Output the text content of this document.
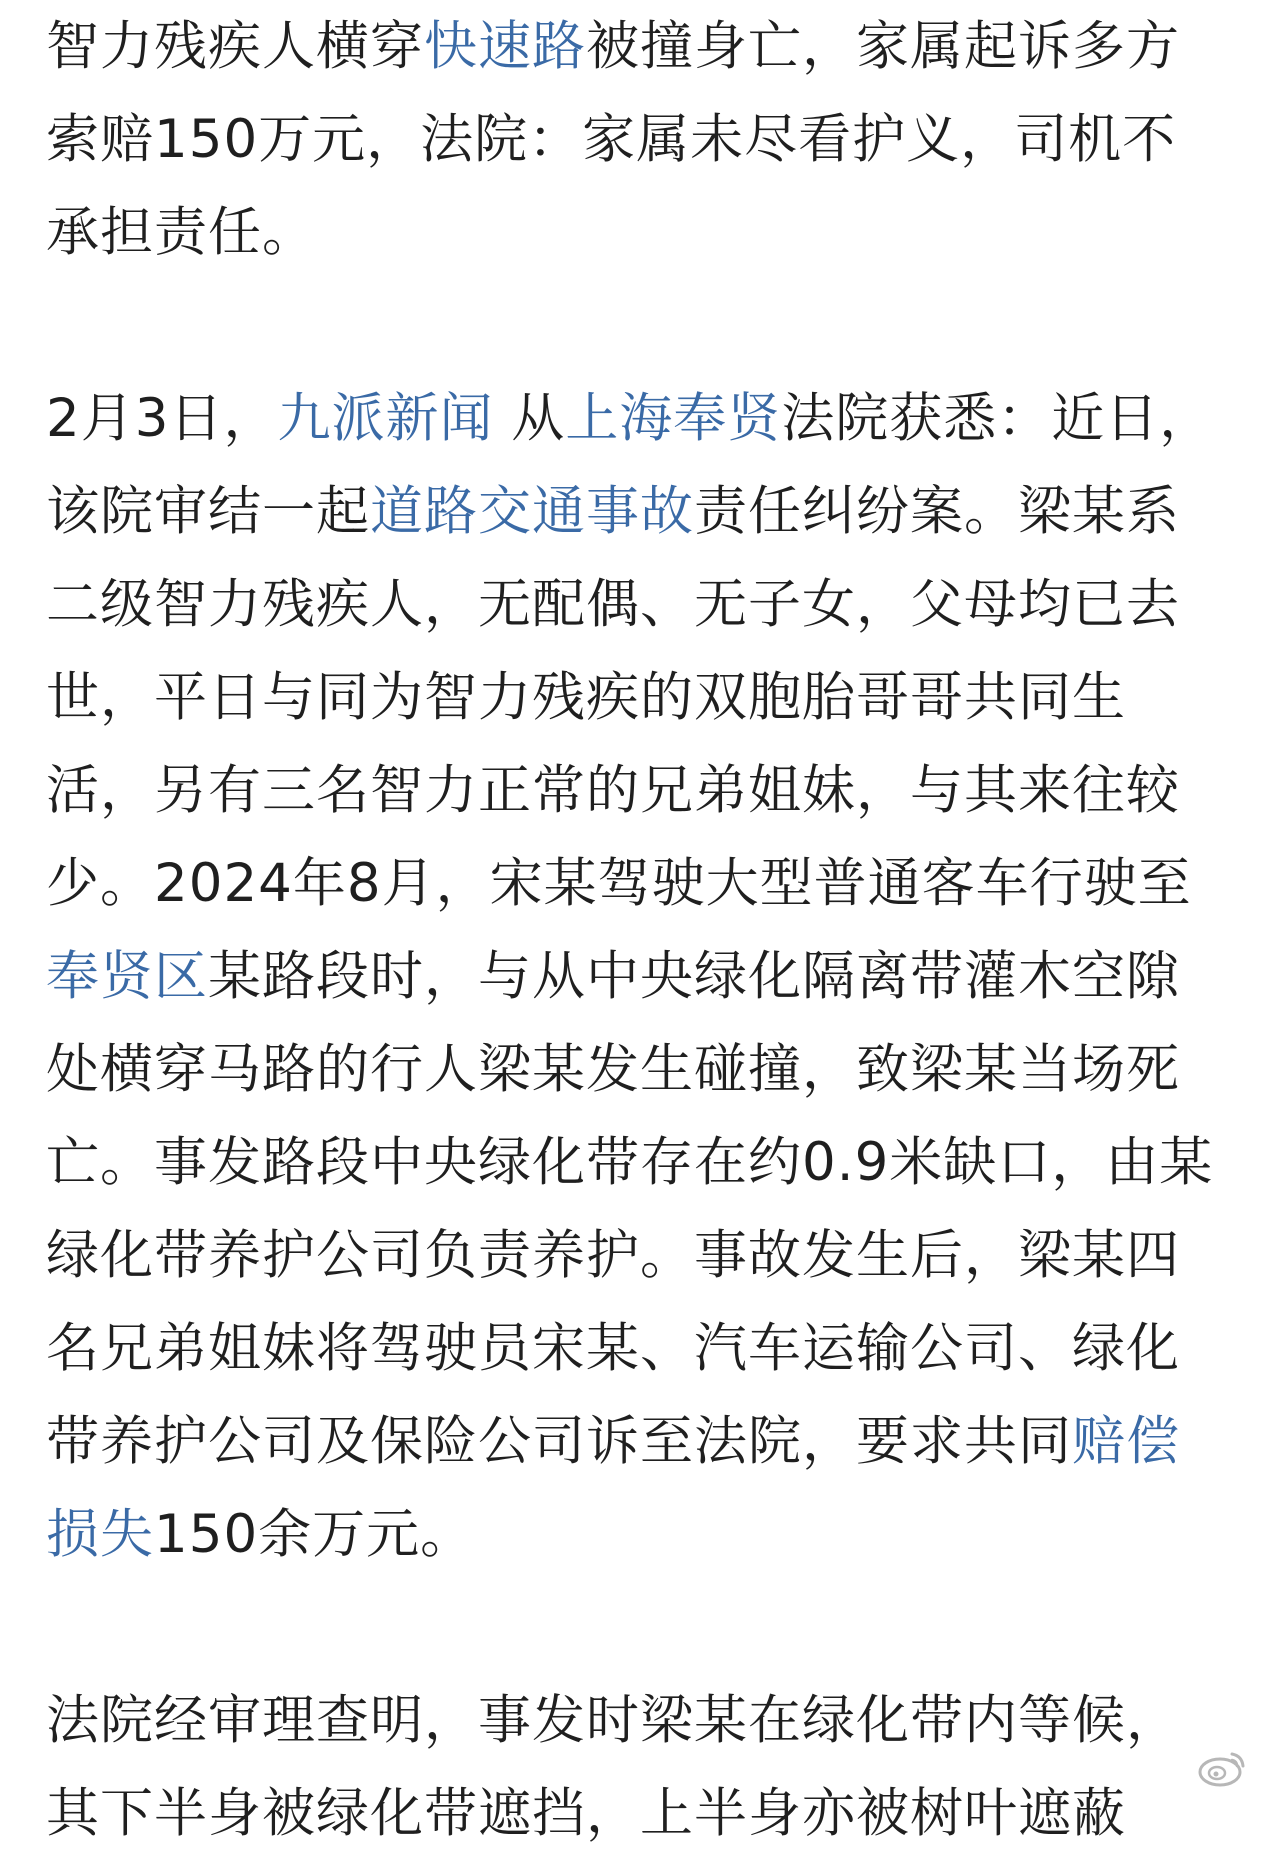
智力残疾人横穿快速路被撞身亡，家属起诉多方
索赔150万元，法院：家属未尽看护义，司机不
承担责任。
2月3日，九派新闻 从上海奉贤法院获悉：近日，
该院审结一起道路交通事故责任纠纷案。梁某系
二级智力残疾人，无配偶、无子女，父母均已去
世，平日与同为智力残疾的双胞胎哥哥共同生
活，另有三名智力正常的兄弟姐妹，与其来往较
少。2024年8月，宋某驾驶大型普通客车行驶至
奉贤区某路段时，与从中央绿化隔离带灌木空隙
处横穿马路的行人梁某发生碰撞，致梁某当场死
亡。事发路段中央绿化带存在约0.9米缺口，由某
绿化带养护公司负责养护。事故发生后，梁某四
名兄弟姐妹将驾驶员宋某、汽车运输公司、绿化
带养护公司及保险公司诉至法院，要求共同赔偿
损失150余万元。
法院经审理查明，事发时梁某在绿化带内等候，
其下半身被绿化带遮挡，上半身亦被树叶遮蔽
